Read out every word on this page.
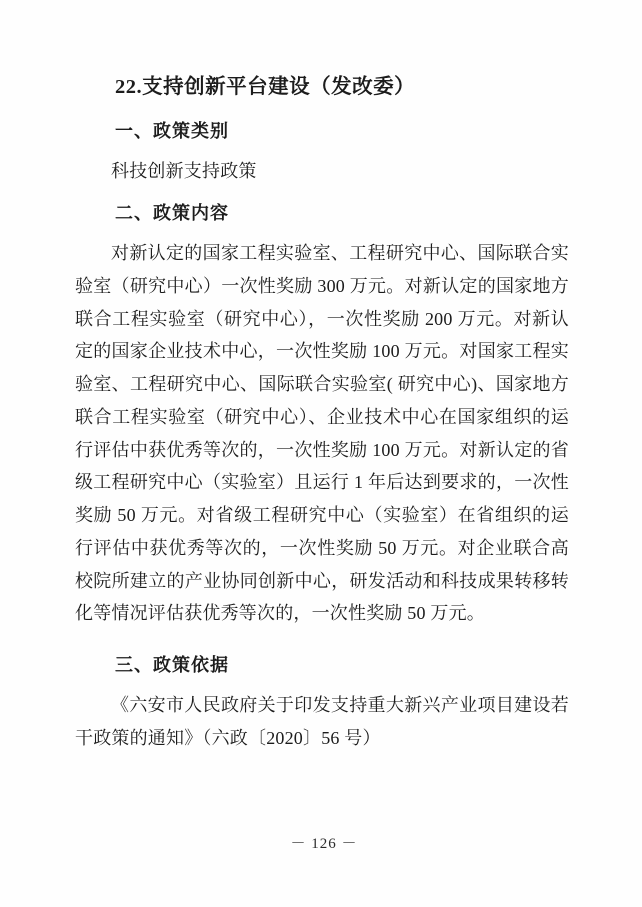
22.支持创新平台建设（发改委）
一、政策类别

科技创新支持政策

二、政策内容

对新认定的国家工程实验室、工程研究中心、国际联合实验室（研究中心）一次性奖励 300 万元。对新认定的国家地方联合工程实验室（研究中心），一次性奖励 200 万元。对新认定的国家企业技术中心，一次性奖励 100 万元。对国家工程实验室、工程研究中心、国际联合实验室( 研究中心)、国家地方联合工程实验室（研究中心）、企业技术中心在国家组织的运行评估中获优秀等次的，一次性奖励 100 万元。对新认定的省级工程研究中心（实验室）且运行 1 年后达到要求的，一次性奖励 50 万元。对省级工程研究中心（实验室）在省组织的运行评估中获优秀等次的，一次性奖励 50 万元。对企业联合高校院所建立的产业协同创新中心，研发活动和科技成果转移转化等情况评估获优秀等次的，一次性奖励 50 万元。

三、政策依据

《六安市人民政府关于印发支持重大新兴产业项目建设若干政策的通知》（六政〔2020〕56 号）

－ 126 －
